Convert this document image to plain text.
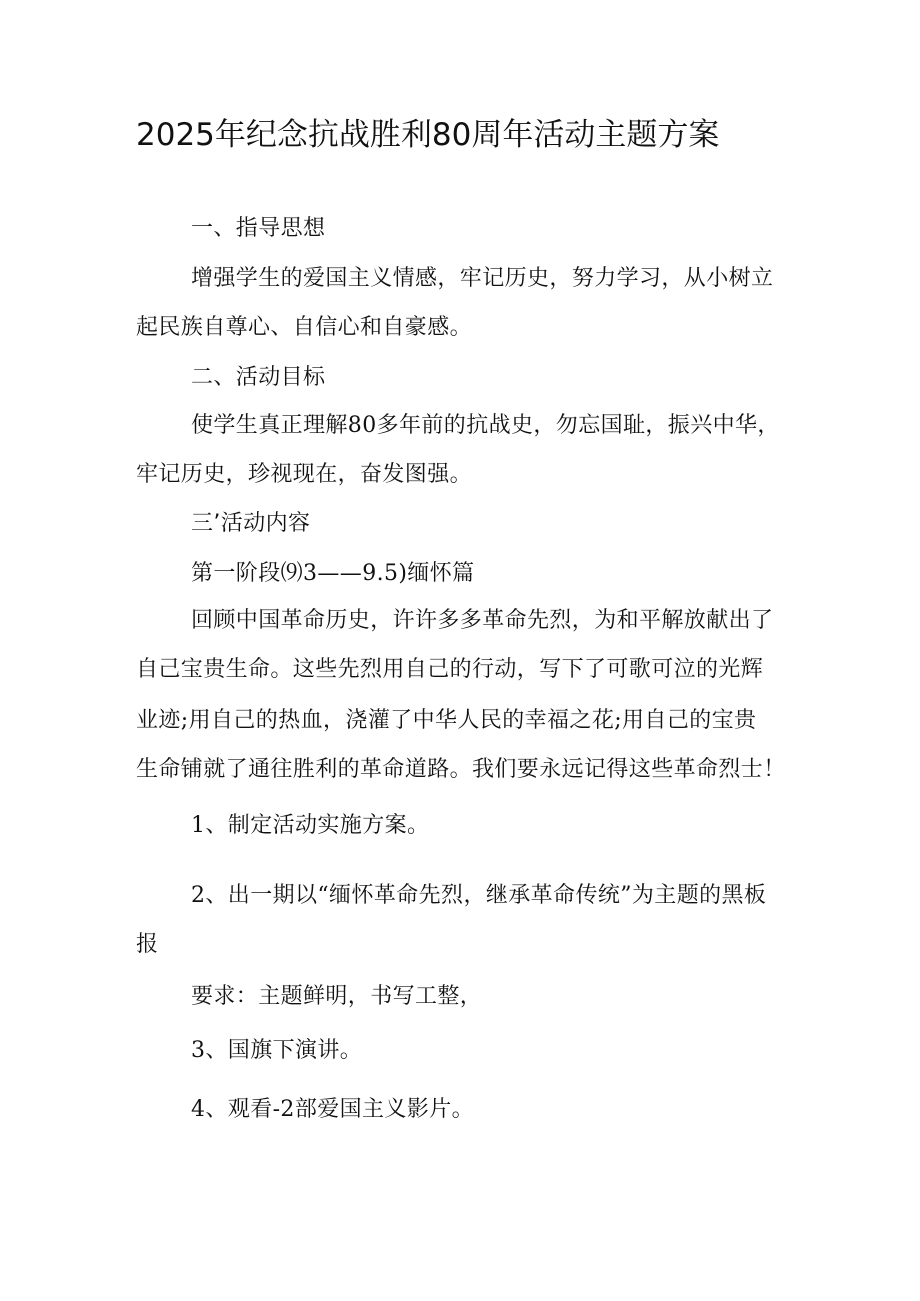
2025年纪念抗战胜利80周年活动主题方案
一、指导思想
增强学生的爱国主义情感，牢记历史，努力学习，从小树立
起民族自尊心、自信心和自豪感。
二、活动目标
使学生真正理解80多年前的抗战史，勿忘国耻，振兴中华，
牢记历史，珍视现在，奋发图强。
三’活动内容
第一阶段⑼3——9.5)缅怀篇
回顾中国革命历史，许许多多革命先烈，为和平解放献出了
自己宝贵生命。这些先烈用自己的行动，写下了可歌可泣的光辉
业迹;用自己的热血，浇灌了中华人民的幸福之花;用自己的宝贵
生命铺就了通往胜利的革命道路。我们要永远记得这些革命烈士！
1、制定活动实施方案。
2、出一期以“缅怀革命先烈，继承革命传统”为主题的黑板
报
要求：主题鲜明，书写工整，
3、国旗下演讲。
4、观看-2部爱国主义影片。
